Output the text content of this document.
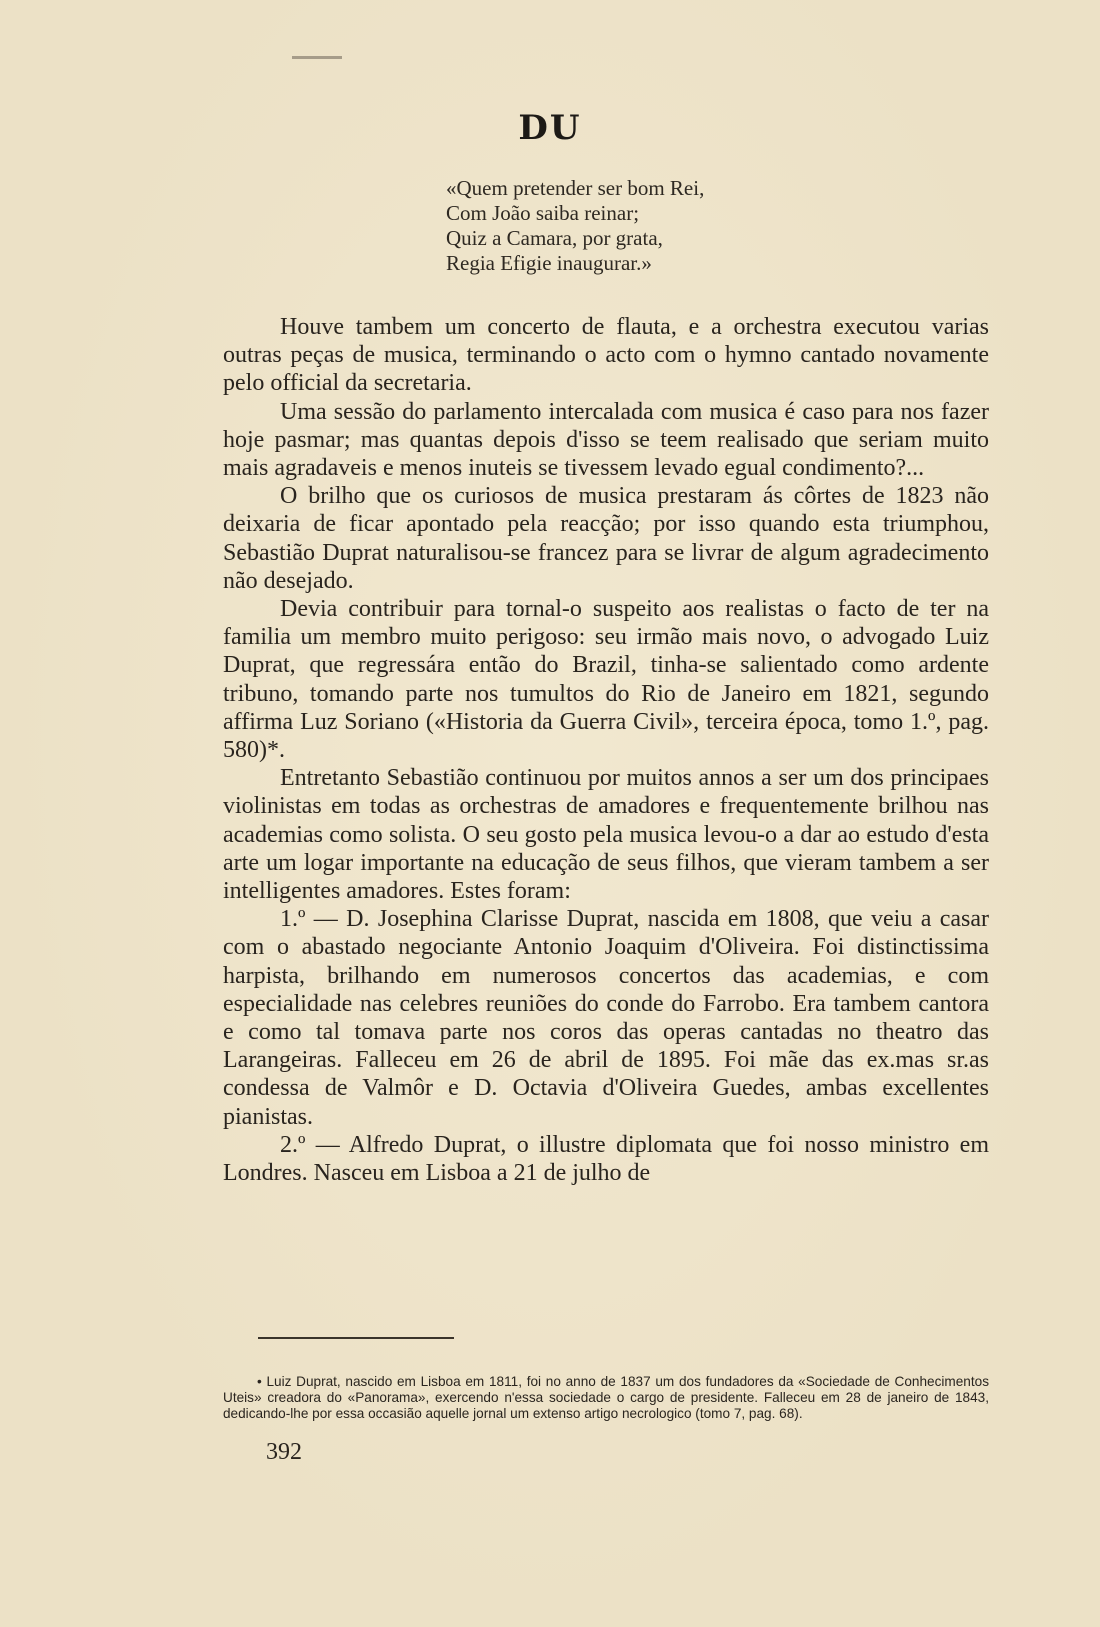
DU
«Quem pretender ser bom Rei,
Com João saiba reinar;
Quiz a Camara, por grata,
Regia Efigie inaugurar.»

Houve tambem um concerto de flauta, e a orchestra executou varias outras peças de musica, terminando o acto com o hymno cantado novamente pelo official da secretaria.

Uma sessão do parlamento intercalada com musica é caso para nos fazer hoje pasmar; mas quantas depois d'isso se teem realisado que seriam muito mais agradaveis e menos inuteis se tivessem levado egual condimento?...

O brilho que os curiosos de musica prestaram ás côrtes de 1823 não deixaria de ficar apontado pela reacção; por isso quando esta triumphou, Sebastião Duprat naturalisou-se francez para se livrar de algum agradecimento não desejado.

Devia contribuir para tornal-o suspeito aos realistas o facto de ter na familia um membro muito perigoso: seu irmão mais novo, o advogado Luiz Duprat, que regressára então do Brazil, tinha-se salientado como ardente tribuno, tomando parte nos tumultos do Rio de Janeiro em 1821, segundo affirma Luz Soriano («Historia da Guerra Civil», terceira época, tomo 1.º, pag. 580)*.

Entretanto Sebastião continuou por muitos annos a ser um dos principaes violinistas em todas as orchestras de amadores e frequentemente brilhou nas academias como solista. O seu gosto pela musica levou-o a dar ao estudo d'esta arte um logar importante na educação de seus filhos, que vieram tambem a ser intelligentes amadores. Estes foram:

1.º — D. Josephina Clarisse Duprat, nascida em 1808, que veiu a casar com o abastado negociante Antonio Joaquim d'Oliveira. Foi distinctissima harpista, brilhando em numerosos concertos das academias, e com especialidade nas celebres reuniões do conde do Farrobo. Era tambem cantora e como tal tomava parte nos coros das operas cantadas no theatro das Larangeiras. Falleceu em 26 de abril de 1895. Foi mãe das ex.mas sr.as condessa de Valmôr e D. Octavia d'Oliveira Guedes, ambas excellentes pianistas.

2.º — Alfredo Duprat, o illustre diplomata que foi nosso ministro em Londres. Nasceu em Lisboa a 21 de julho de

• Luiz Duprat, nascido em Lisboa em 1811, foi no anno de 1837 um dos fundadores da «Sociedade de Conhecimentos Uteis» creadora do «Panorama», exercendo n'essa sociedade o cargo de presidente. Falleceu em 28 de janeiro de 1843, dedicando-lhe por essa occasião aquelle jornal um extenso artigo necrologico (tomo 7, pag. 68).

392
